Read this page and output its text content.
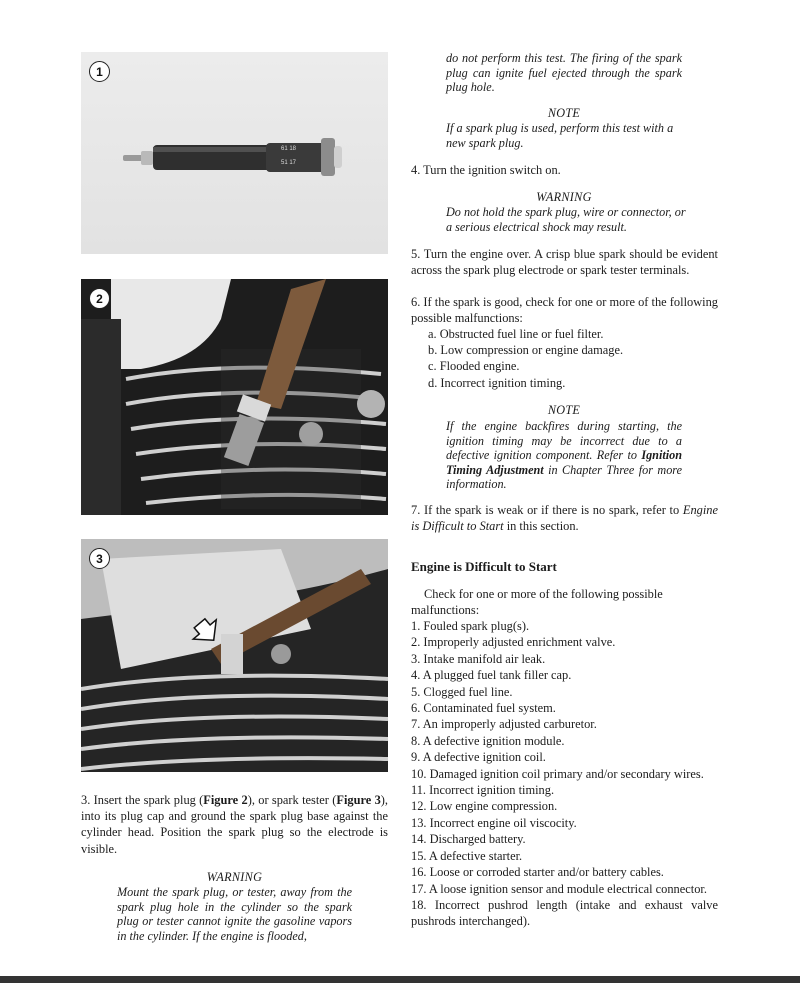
61 18
51 17
1
2
3
3. Insert the spark plug (Figure 2), or spark tester (Figure 3), into its plug cap and ground the spark plug base against the cylinder head. Position the spark plug so the electrode is visible.
WARNING
Mount the spark plug, or tester, away from the spark plug hole in the cylinder so the spark plug or tester cannot ignite the gasoline vapors in the cylinder. If the engine is flooded,
do not perform this test. The firing of the spark plug can ignite fuel ejected through the spark plug hole.
NOTE
If a spark plug is used, perform this test with a new spark plug.
4. Turn the ignition switch on.
WARNING
Do not hold the spark plug, wire or connector, or a serious electrical shock may result.
5. Turn the engine over. A crisp blue spark should be evident across the spark plug electrode or spark tester terminals.
6. If the spark is good, check for one or more of the following possible malfunctions:
a. Obstructed fuel line or fuel filter.
b. Low compression or engine damage.
c. Flooded engine.
d. Incorrect ignition timing.
NOTE
If the engine backfires during starting, the ignition timing may be incorrect due to a defective ignition component. Refer to Ignition Timing Adjustment in Chapter Three for more information.
7. If the spark is weak or if there is no spark, refer to Engine is Difficult to Start in this section.
Engine is Difficult to Start
Check for one or more of the following possible malfunctions:
1. Fouled spark plug(s).
2. Improperly adjusted enrichment valve.
3. Intake manifold air leak.
4. A plugged fuel tank filler cap.
5. Clogged fuel line.
6. Contaminated fuel system.
7. An improperly adjusted carburetor.
8. A defective ignition module.
9. A defective ignition coil.
10. Damaged ignition coil primary and/or secondary wires.
11. Incorrect ignition timing.
12. Low engine compression.
13. Incorrect engine oil viscocity.
14. Discharged battery.
15. A defective starter.
16. Loose or corroded starter and/or battery cables.
17. A loose ignition sensor and module electrical connector.
18. Incorrect pushrod length (intake and exhaust valve pushrods interchanged).
